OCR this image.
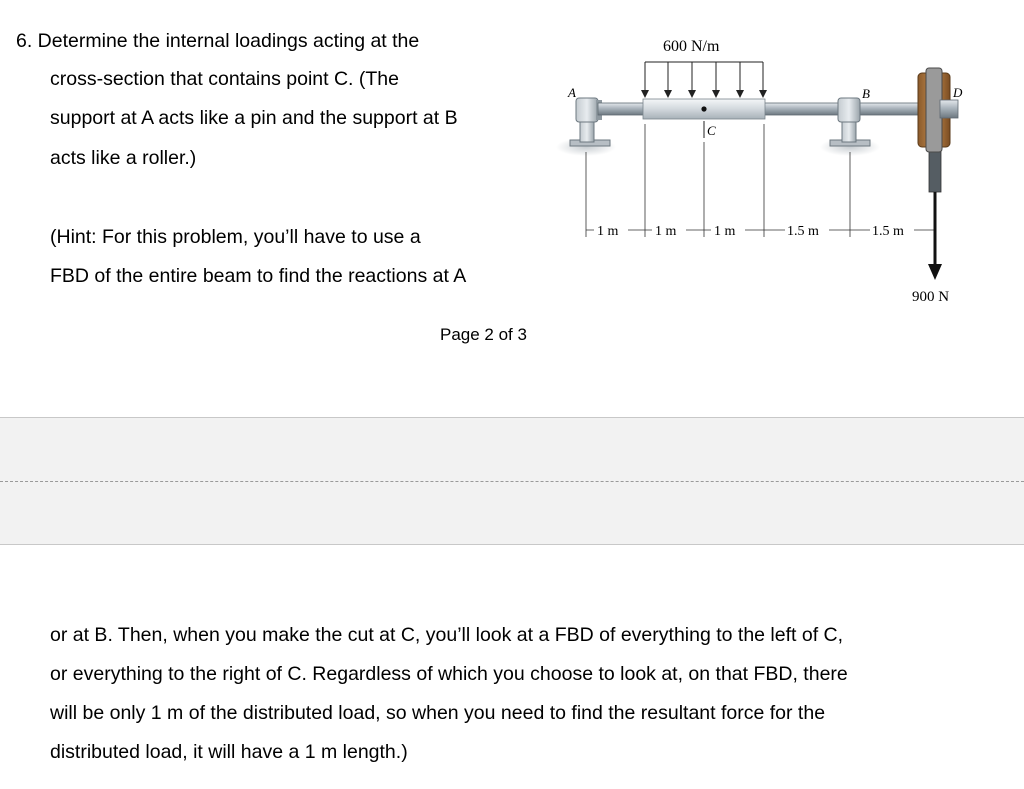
6. Determine the internal loadings acting at the
cross-section that contains point C. (The
support at A acts like a pin and the support at B
acts like a roller.)
(Hint: For this problem, you’ll have to use a
FBD of the entire beam to find the reactions at A
Page 2 of 3
600 N/m
A	B	D
C
1 m	1 m	1 m	1.5 m	1.5 m
900 N
or at B. Then, when you make the cut at C, you’ll look at a FBD of everything to the left of C,
or everything to the right of C. Regardless of which you choose to look at, on that FBD, there
will be only 1 m of the distributed load, so when you need to find the resultant force for the
distributed load, it will have a 1 m length.)
